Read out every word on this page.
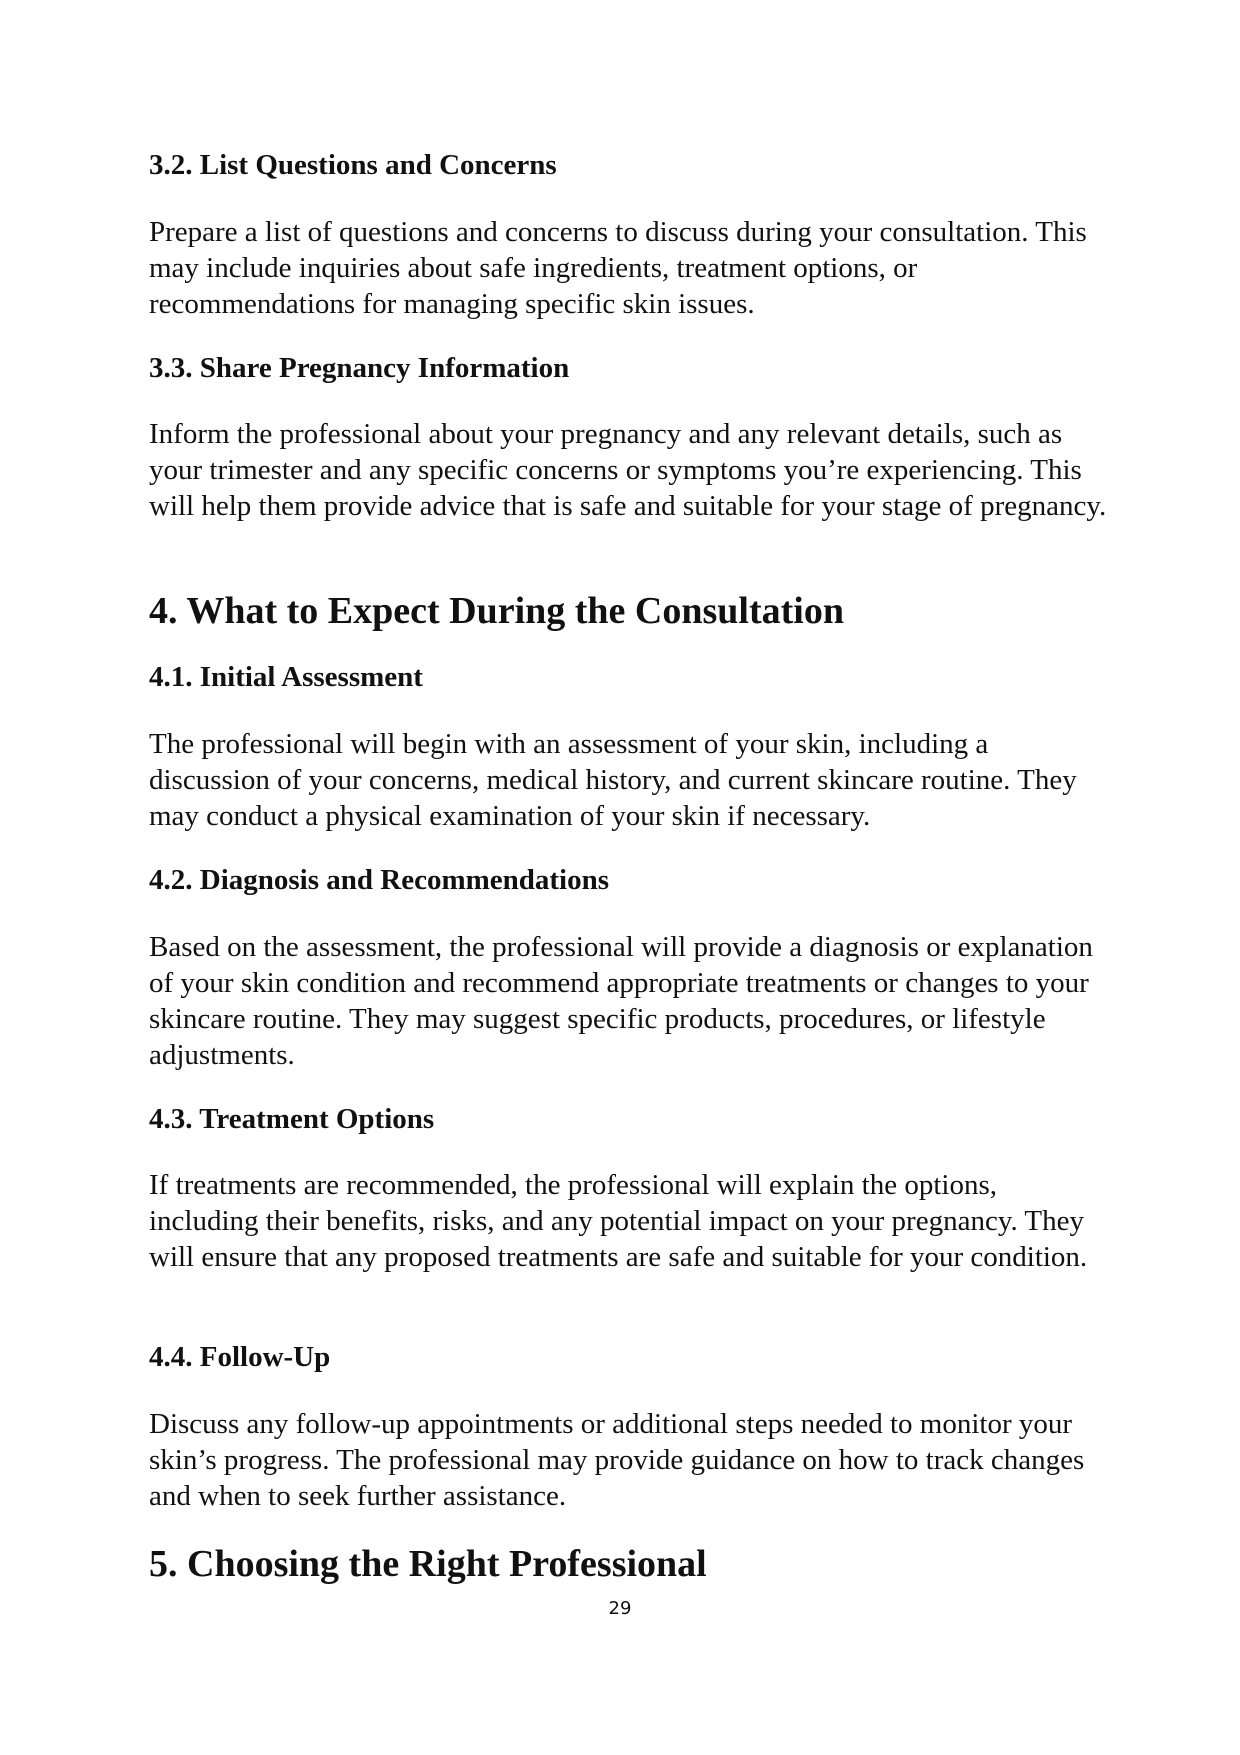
3.2. List Questions and Concerns

Prepare a list of questions and concerns to discuss during your consultation. This may include inquiries about safe ingredients, treatment options, or recommendations for managing specific skin issues.

3.3. Share Pregnancy Information

Inform the professional about your pregnancy and any relevant details, such as your trimester and any specific concerns or symptoms you’re experiencing. This will help them provide advice that is safe and suitable for your stage of pregnancy.

4. What to Expect During the Consultation
4.1. Initial Assessment

The professional will begin with an assessment of your skin, including a discussion of your concerns, medical history, and current skincare routine. They may conduct a physical examination of your skin if necessary.

4.2. Diagnosis and Recommendations

Based on the assessment, the professional will provide a diagnosis or explanation of your skin condition and recommend appropriate treatments or changes to your skincare routine. They may suggest specific products, procedures, or lifestyle adjustments.

4.3. Treatment Options

If treatments are recommended, the professional will explain the options, including their benefits, risks, and any potential impact on your pregnancy. They will ensure that any proposed treatments are safe and suitable for your condition.

4.4. Follow-Up

Discuss any follow-up appointments or additional steps needed to monitor your skin’s progress. The professional may provide guidance on how to track changes and when to seek further assistance.

5. Choosing the Right Professional
29
